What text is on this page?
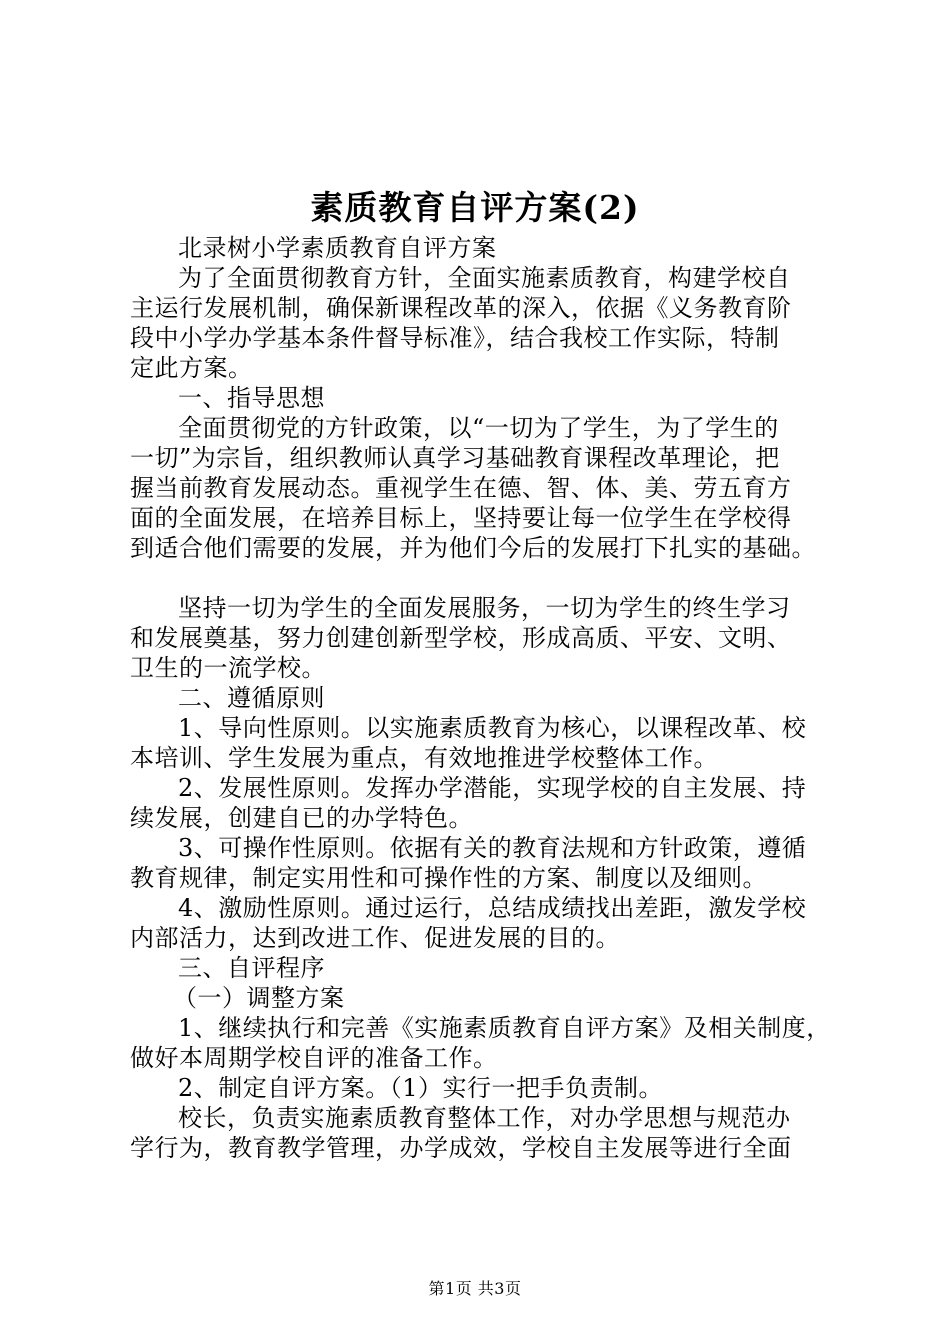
素质教育自评方案(2)
北录树小学素质教育自评方案
为了全面贯彻教育方针，全面实施素质教育，构建学校自
主运行发展机制，确保新课程改革的深入，依据《义务教育阶
段中小学办学基本条件督导标准》，结合我校工作实际，特制
定此方案。
一、指导思想
全面贯彻党的方针政策，以“一切为了学生，为了学生的
一切”为宗旨，组织教师认真学习基础教育课程改革理论，把
握当前教育发展动态。重视学生在德、智、体、美、劳五育方
面的全面发展，在培养目标上，坚持要让每一位学生在学校得
到适合他们需要的发展，并为他们今后的发展打下扎实的基础。
坚持一切为学生的全面发展服务，一切为学生的终生学习
和发展奠基，努力创建创新型学校，形成高质、平安、文明、
卫生的一流学校。
二、遵循原则
1、导向性原则。以实施素质教育为核心，以课程改革、校
本培训、学生发展为重点，有效地推进学校整体工作。
2、发展性原则。发挥办学潜能，实现学校的自主发展、持
续发展，创建自已的办学特色。
3、可操作性原则。依据有关的教育法规和方针政策，遵循
教育规律，制定实用性和可操作性的方案、制度以及细则。
4、激励性原则。通过运行，总结成绩找出差距，激发学校
内部活力，达到改进工作、促进发展的目的。
三、自评程序
（一）调整方案
1、继续执行和完善《实施素质教育自评方案》及相关制度，
做好本周期学校自评的准备工作。
2、制定自评方案。（1）实行一把手负责制。
校长，负责实施素质教育整体工作，对办学思想与规范办
学行为，教育教学管理，办学成效，学校自主发展等进行全面
第1页 共3页
